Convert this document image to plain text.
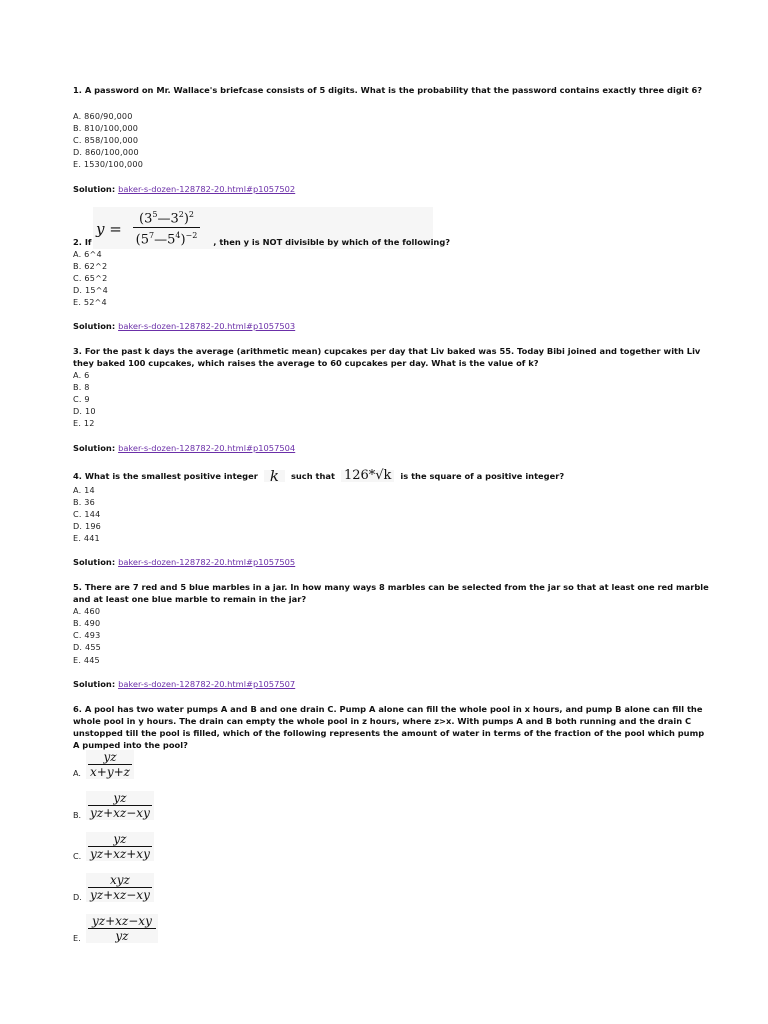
1. A password on Mr. Wallace's briefcase consists of 5 digits. What is the probability that the password contains exactly three digit 6?
A. 860/90,000
B. 810/100,000
C. 858/100,000
D. 860/100,000
E. 1530/100,000
Solution: baker-s-dozen-128782-20.html#p1057502
y =
$(3^5—3^2)^2$
$(5^7—5^4)^{-2}$
2. If	, then y is NOT divisible by which of the following?
A. 6^4
B. 62^2
C. 65^2
D. 15^4
E. 52^4
Solution: baker-s-dozen-128782-20.html#p1057503
3. For the past k days the average (arithmetic mean) cupcakes per day that Liv baked was 55. Today Bibi joined and together with Liv they baked 100 cupcakes, which raises the average to 60 cupcakes per day. What is the value of k?
A. 6
B. 8
C. 9
D. 10
E. 12
Solution: baker-s-dozen-128782-20.html#p1057504
4. What is the smallest positive integer k	such that 126*√k	is the square of a positive integer?
A. 14
B. 36
C. 144
D. 196
E. 441
Solution: baker-s-dozen-128782-20.html#p1057505
5. There are 7 red and 5 blue marbles in a jar. In how many ways 8 marbles can be selected from the jar so that at least one red marble and at least one blue marble to remain in the jar?
A. 460
B. 490
C. 493
D. 455
E. 445
Solution: baker-s-dozen-128782-20.html#p1057507
6. A pool has two water pumps A and B and one drain C. Pump A alone can fill the whole pool in x hours, and pump B alone can fill the whole pool in y hours. The drain can empty the whole pool in z hours, where z>x. With pumps A and B both running and the drain C unstopped till the pool is filled, which of the following represents the amount of water in terms of the fraction of the pool which pump A pumped into the pool?
A.
yz
x+y+z
B.
yz
yz+xz−xy
C.
yz
yz+xz+xy
D.
xyz
yz+xz−xy
E.
yz+xz−xy
yz
